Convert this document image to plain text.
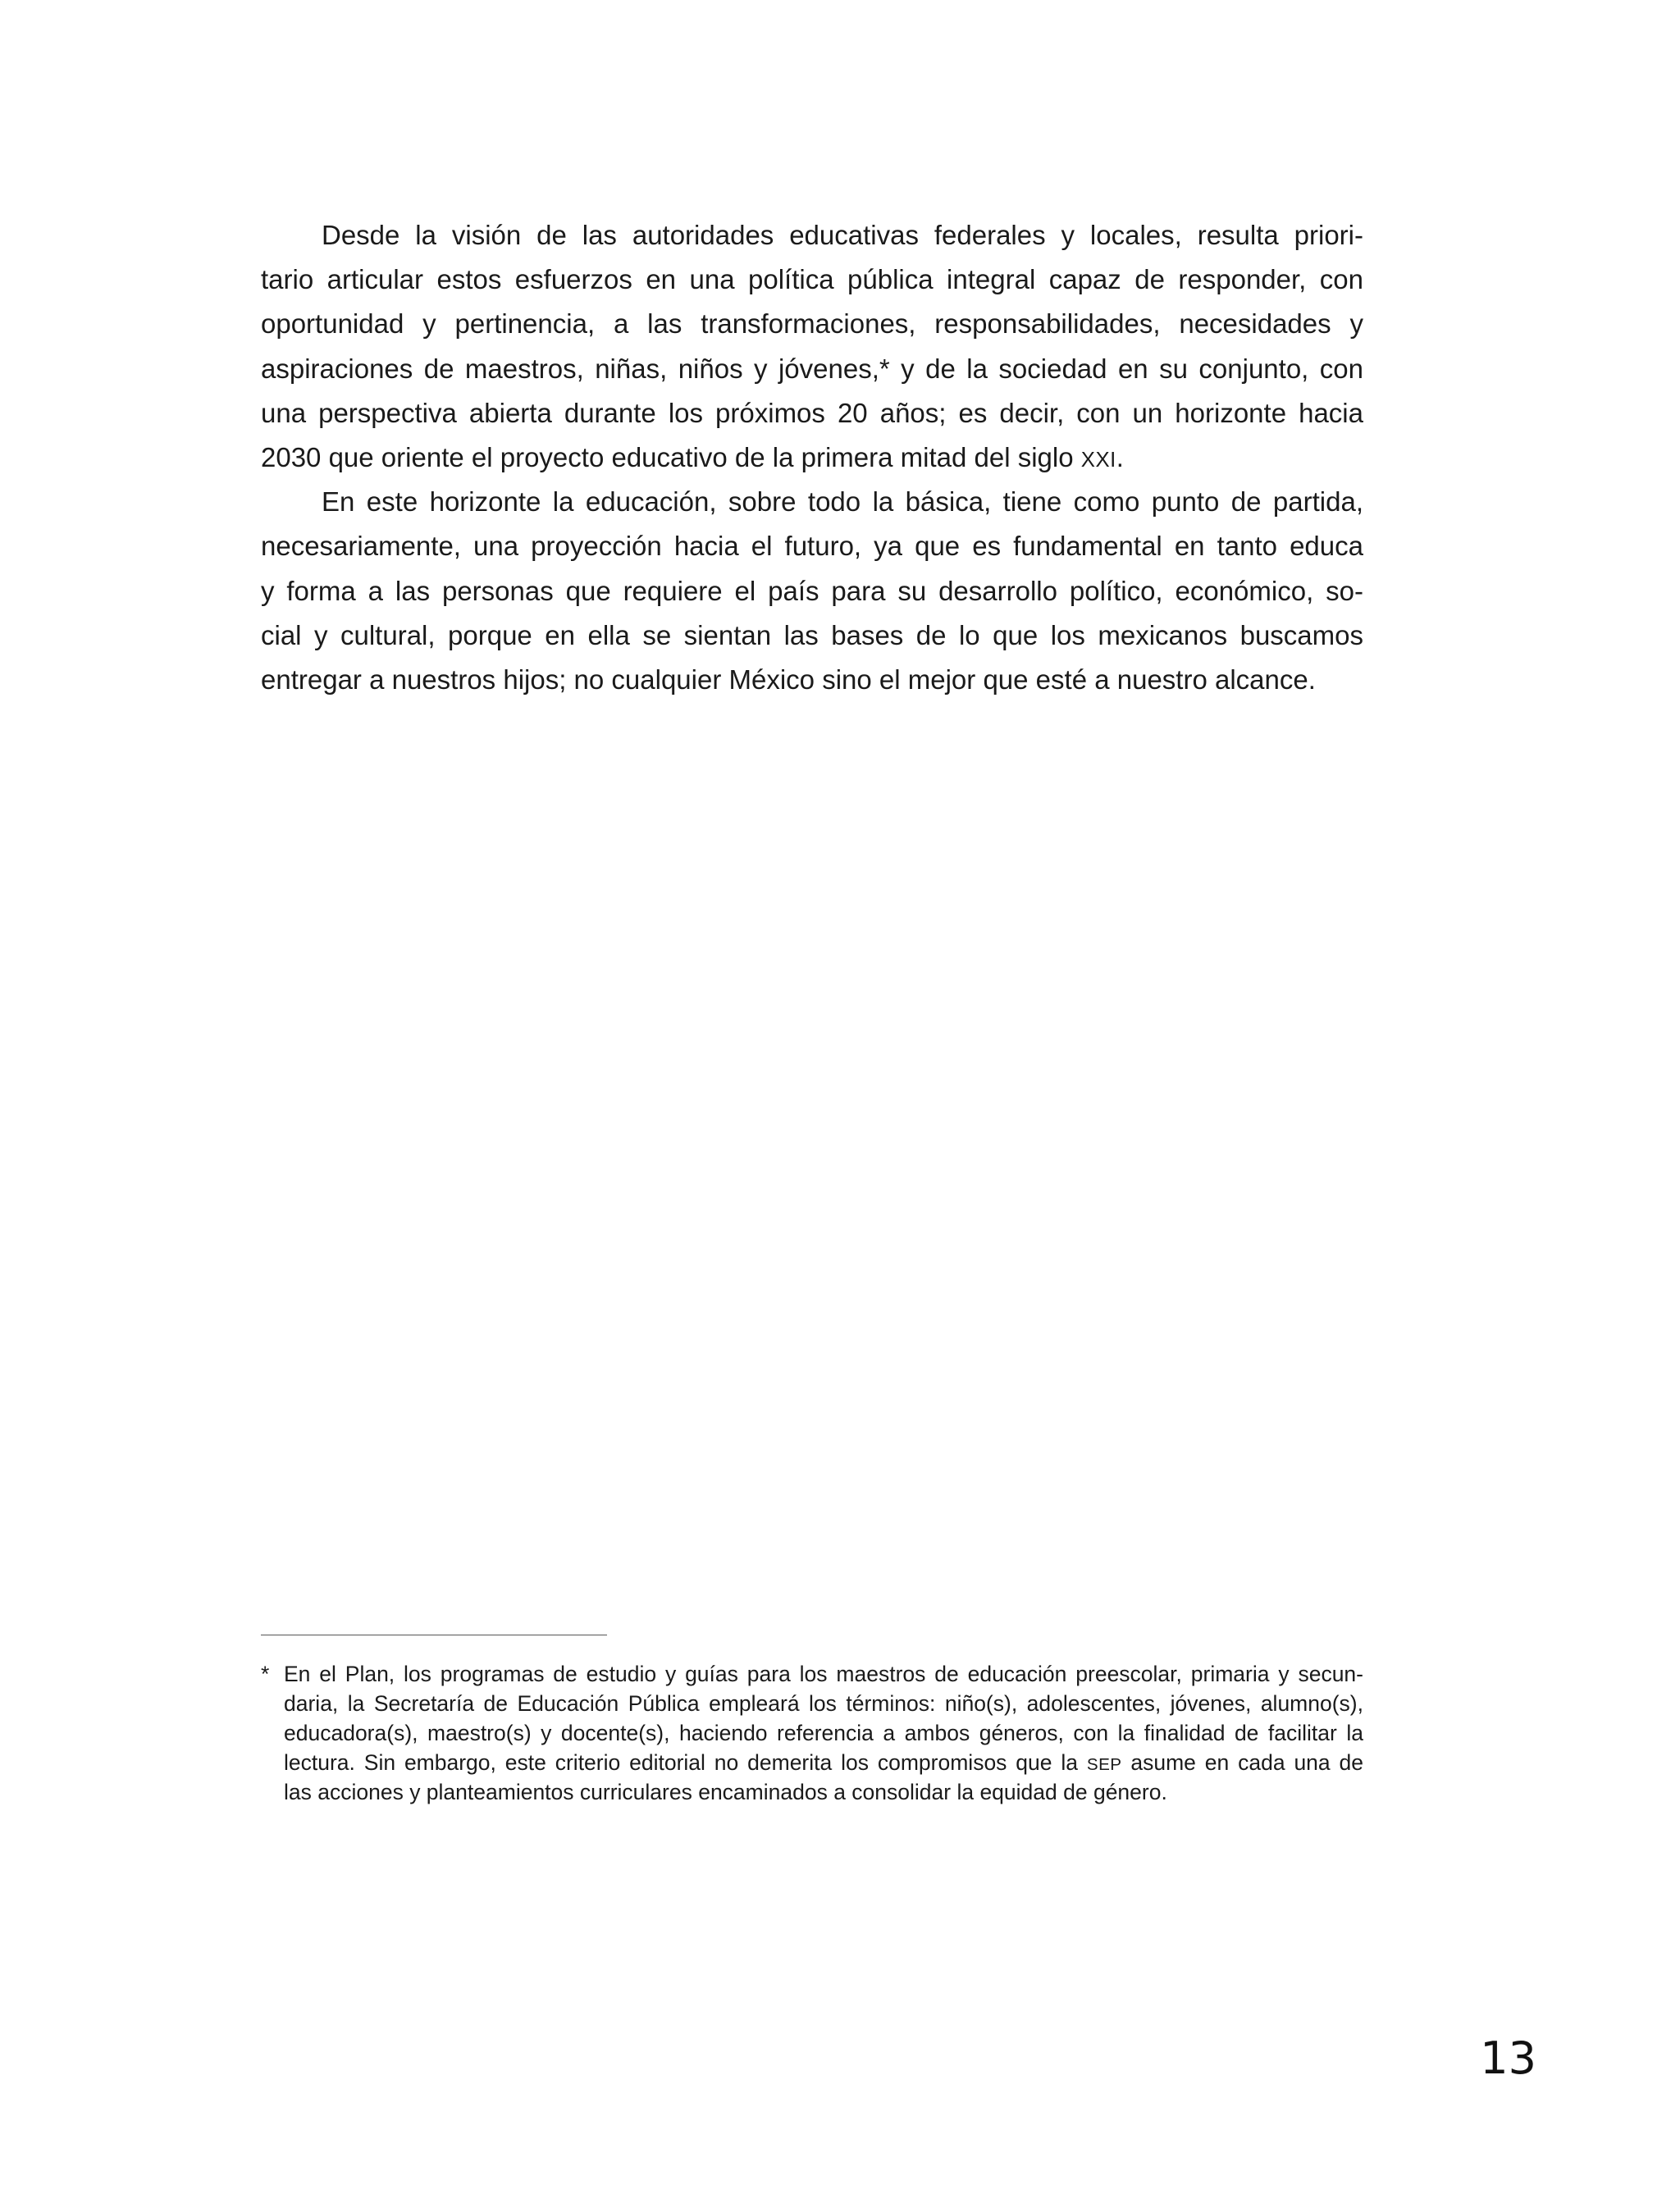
Desde la visión de las autoridades educativas federales y locales, resulta priori-
tario articular estos esfuerzos en una política pública integral capaz de responder, con
oportunidad y pertinencia, a las transformaciones, responsabilidades, necesidades y
aspiraciones de maestros, niñas, niños y jóvenes,* y de la sociedad en su conjunto, con
una perspectiva abierta durante los próximos 20 años; es decir, con un horizonte hacia
2030 que oriente el proyecto educativo de la primera mitad del siglo XXI.
En este horizonte la educación, sobre todo la básica, tiene como punto de partida,
necesariamente, una proyección hacia el futuro, ya que es fundamental en tanto educa
y forma a las personas que requiere el país para su desarrollo político, económico, so-
cial y cultural, porque en ella se sientan las bases de lo que los mexicanos buscamos
entregar a nuestros hijos; no cualquier México sino el mejor que esté a nuestro alcance.
* En el Plan, los programas de estudio y guías para los maestros de educación preescolar, primaria y secun-
daria, la Secretaría de Educación Pública empleará los términos: niño(s), adolescentes, jóvenes, alumno(s),
educadora(s), maestro(s) y docente(s), haciendo referencia a ambos géneros, con la finalidad de facilitar la
lectura. Sin embargo, este criterio editorial no demerita los compromisos que la SEP asume en cada una de
las acciones y planteamientos curriculares encaminados a consolidar la equidad de género.
13
